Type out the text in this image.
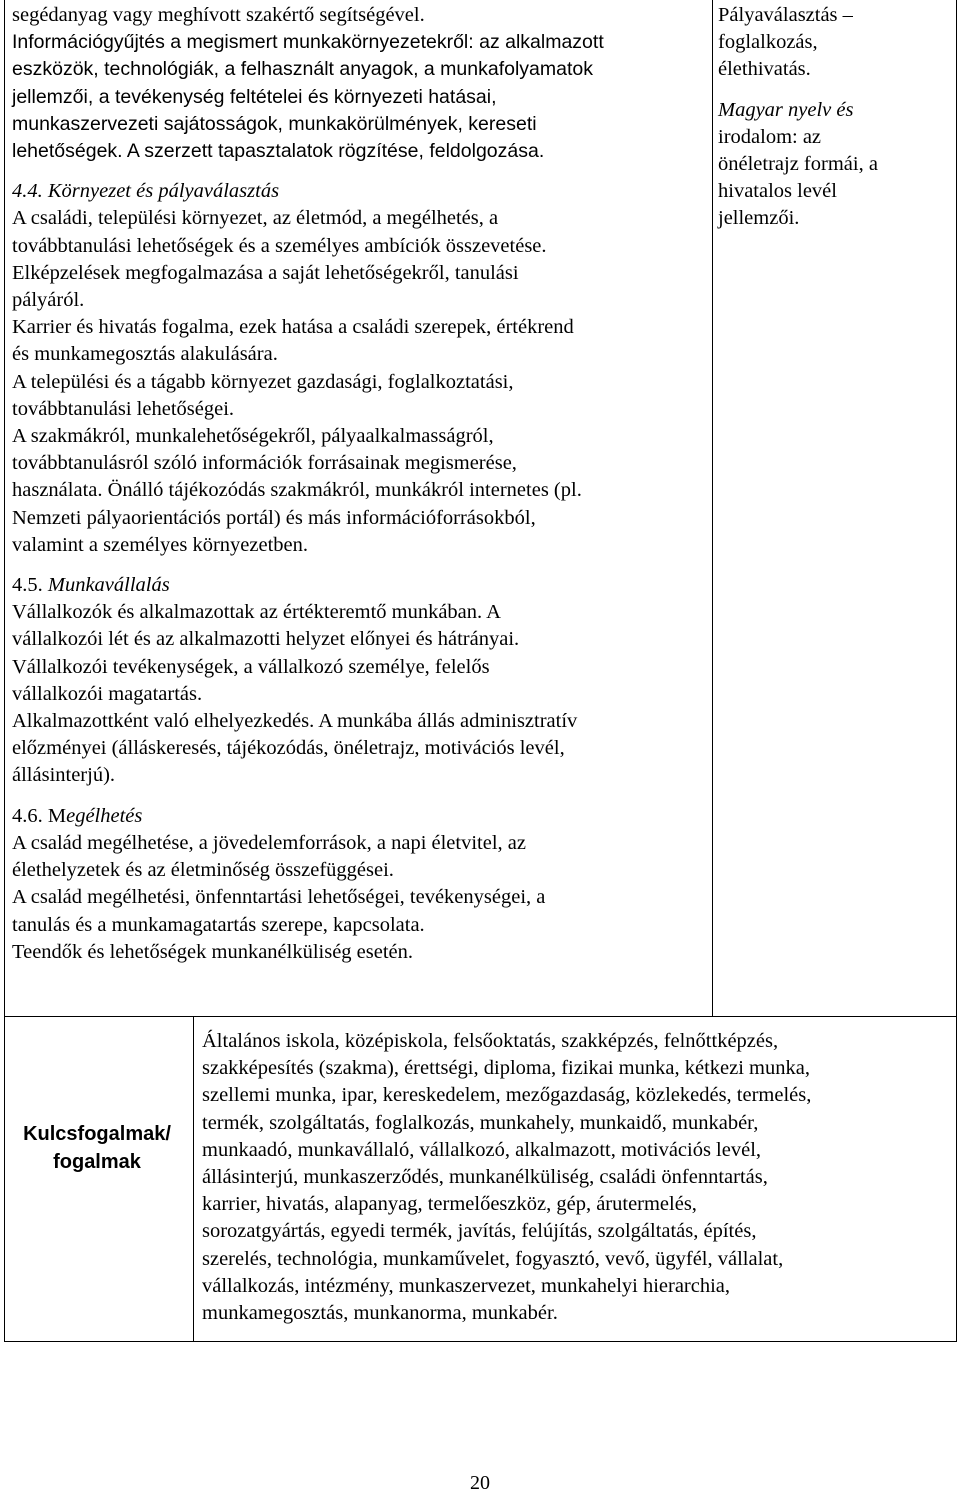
segédanyag vagy meghívott szakértő segítségével.
Információgyűjtés a megismert munkakörnyezetekről: az alkalmazott
eszközök, technológiák, a felhasznált anyagok, a munkafolyamatok
jellemzői, a tevékenység feltételei és környezeti hatásai,
munkaszervezeti sajátosságok, munkakörülmények, kereseti
lehetőségek. A szerzett tapasztalatok rögzítése, feldolgozása.
4.4. Környezet és pályaválasztás
A családi, települési környezet, az életmód, a megélhetés, a
továbbtanulási lehetőségek és a személyes ambíciók összevetése.
Elképzelések megfogalmazása a saját lehetőségekről, tanulási
pályáról.
Karrier és hivatás fogalma, ezek hatása a családi szerepek, értékrend
és munkamegosztás alakulására.
A települési és a tágabb környezet gazdasági, foglalkoztatási,
továbbtanulási lehetőségei.
A szakmákról, munkalehetőségekről, pályaalkalmasságról,
továbbtanulásról szóló információk forrásainak megismerése,
használata. Önálló tájékozódás szakmákról, munkákról internetes (pl.
Nemzeti pályaorientációs portál) és más információforrásokból,
valamint a személyes környezetben.
4.5. Munkavállalás
Vállalkozók és alkalmazottak az értékteremtő munkában. A
vállalkozói lét és az alkalmazotti helyzet előnyei és hátrányai.
Vállalkozói tevékenységek, a vállalkozó személye, felelős
vállalkozói magatartás.
Alkalmazottként való elhelyezkedés. A munkába állás adminisztratív
előzményei (álláskeresés, tájékozódás, önéletrajz, motivációs levél,
állásinterjú).
4.6. Megélhetés
A család megélhetése, a jövedelemforrások, a napi életvitel, az
élethelyzetek és az életminőség összefüggései.
A család megélhetési, önfenntartási lehetőségei, tevékenységei, a
tanulás és a munkamagatartás szerepe, kapcsolata.
Teendők és lehetőségek munkanélküliség esetén.
Pályaválasztás –
foglalkozás,
élethivatás.
Magyar nyelv és
irodalom: az
önéletrajz formái, a
hivatalos levél
jellemzői.
Kulcsfogalmak/
fogalmak
Általános iskola, középiskola, felsőoktatás, szakképzés, felnőttképzés,
szakképesítés (szakma), érettségi, diploma, fizikai munka, kétkezi munka,
szellemi munka, ipar, kereskedelem, mezőgazdaság, közlekedés, termelés,
termék, szolgáltatás, foglalkozás, munkahely, munkaidő, munkabér,
munkaadó, munkavállaló, vállalkozó, alkalmazott, motivációs levél,
állásinterjú, munkaszerződés, munkanélküliség, családi önfenntartás,
karrier, hivatás, alapanyag, termelőeszköz, gép, árutermelés,
sorozatgyártás, egyedi termék, javítás, felújítás, szolgáltatás, építés,
szerelés, technológia, munkaművelet, fogyasztó, vevő, ügyfél, vállalat,
vállalkozás, intézmény, munkaszervezet, munkahelyi hierarchia,
munkamegosztás, munkanorma, munkabér.
20
